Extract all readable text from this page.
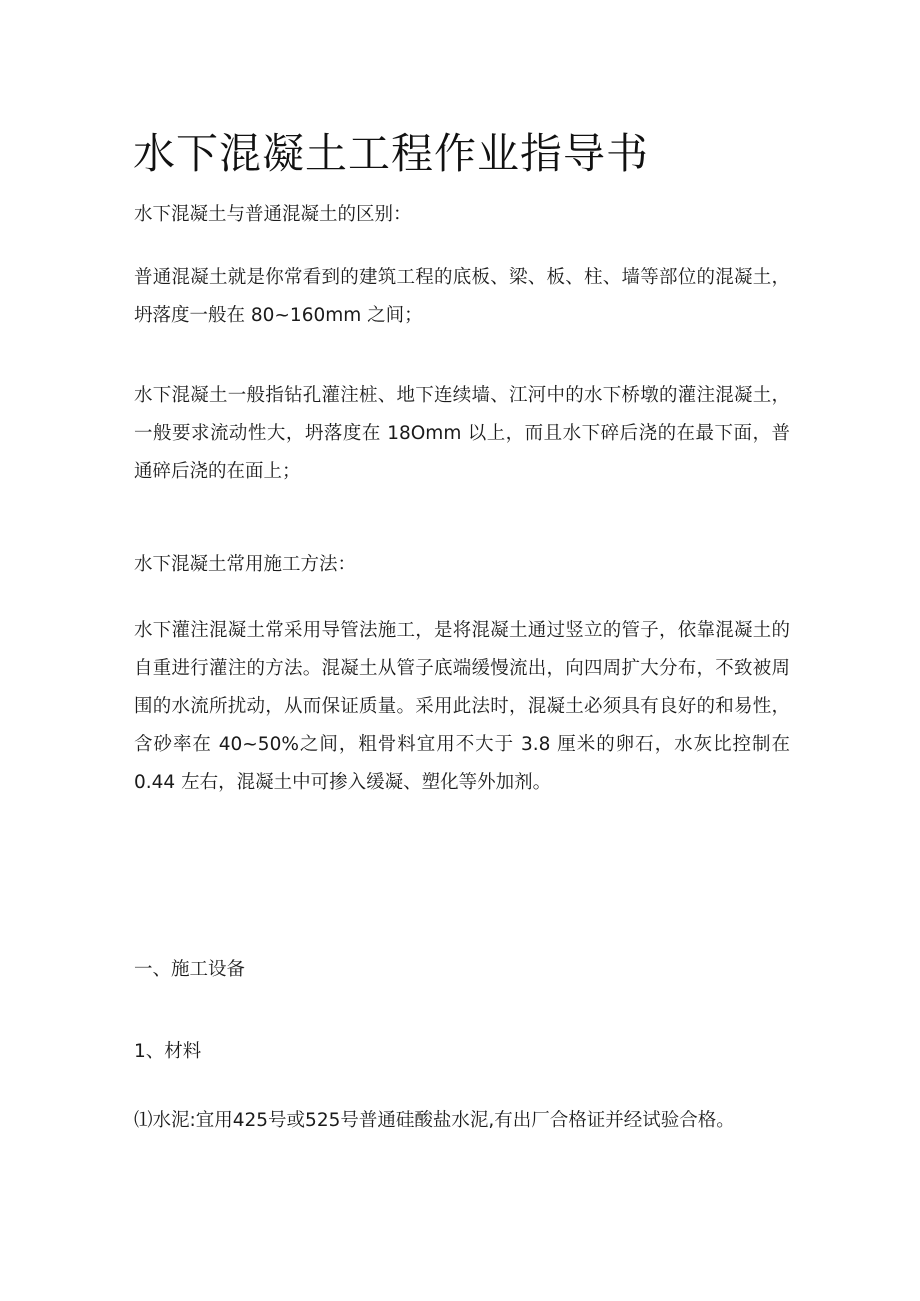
水下混凝土工程作业指导书

水下混凝土与普通混凝土的区别：

普通混凝土就是你常看到的建筑工程的底板、梁、板、柱、墙等部位的混凝土，坍落度一般在 80~160mm 之间；

水下混凝土一般指钻孔灌注桩、地下连续墙、江河中的水下桥墩的灌注混凝土，一般要求流动性大，坍落度在 18Omm 以上，而且水下碎后浇的在最下面，普通碎后浇的在面上；

水下混凝土常用施工方法：

水下灌注混凝土常采用导管法施工，是将混凝土通过竖立的管子，依靠混凝土的自重进行灌注的方法。混凝土从管子底端缓慢流出，向四周扩大分布，不致被周围的水流所扰动，从而保证质量。采用此法时，混凝土必须具有良好的和易性，含砂率在 40~50%之间，粗骨料宜用不大于 3.8 厘米的卵石，水灰比控制在 0.44 左右，混凝土中可掺入缓凝、塑化等外加剂。

一、施工设备

1、材料

⑴水泥:宜用425号或525号普通硅酸盐水泥,有出厂合格证并经试验合格。
